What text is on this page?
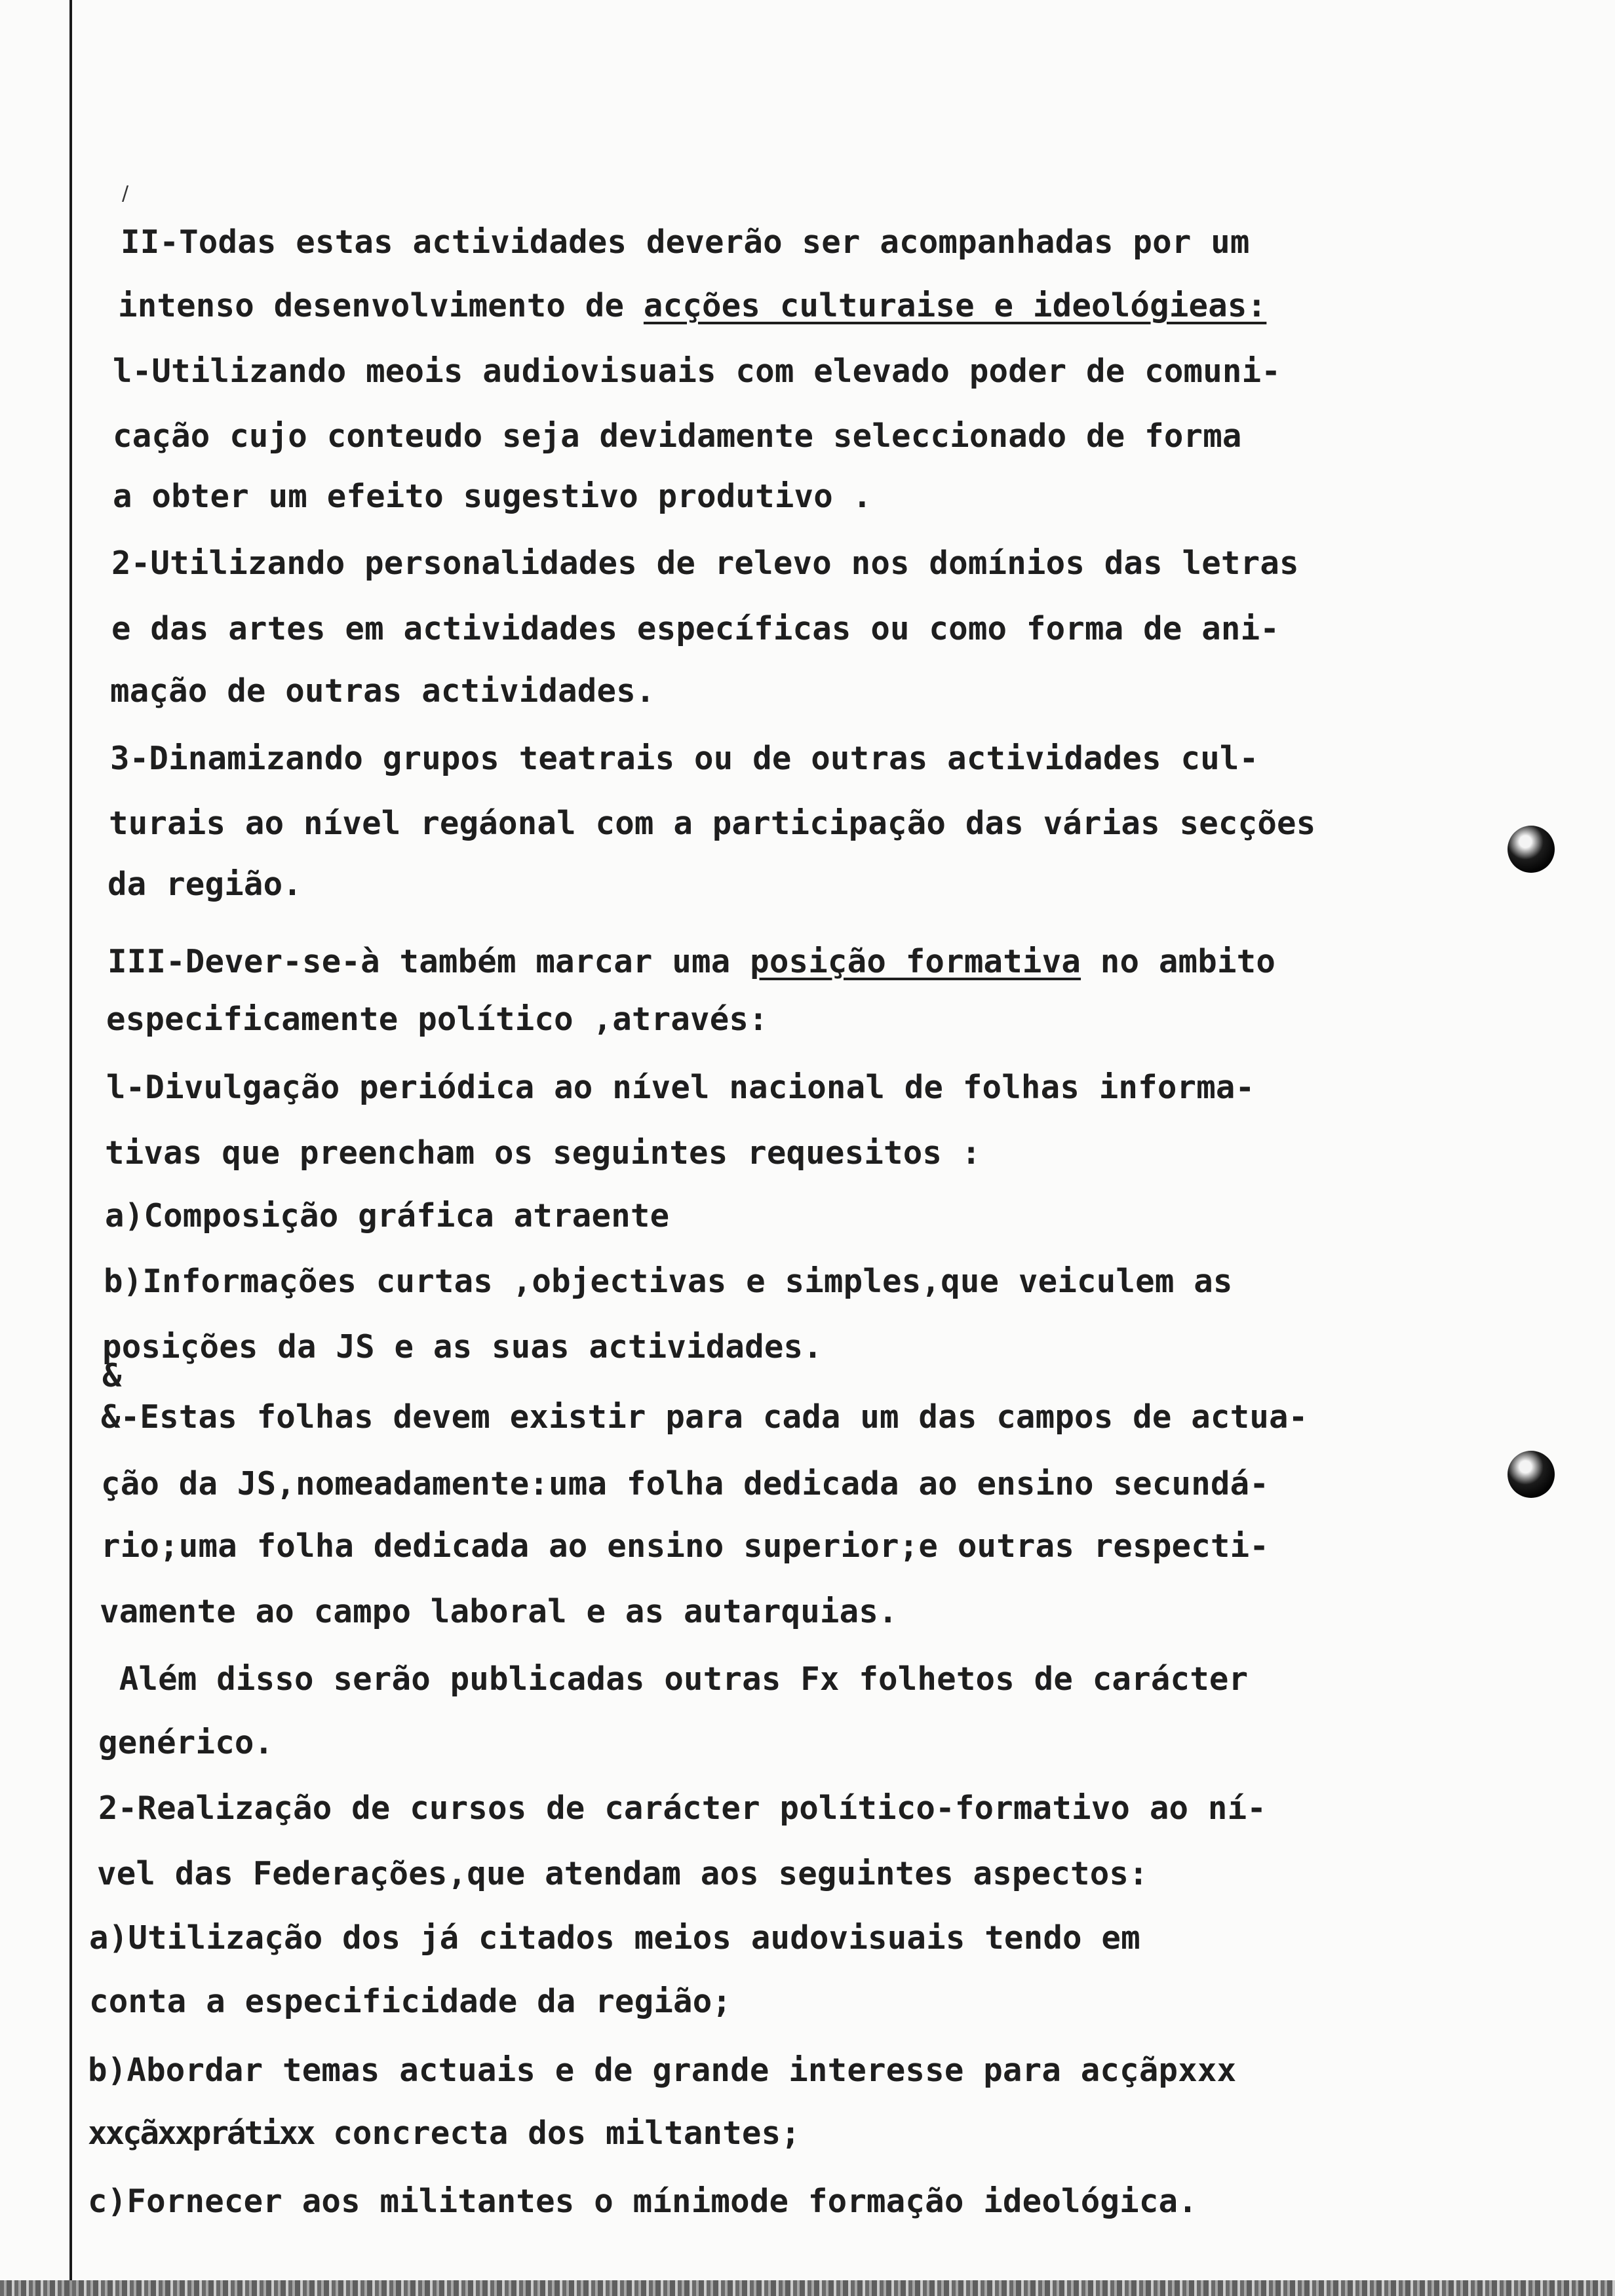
/
II-Todas estas actividades deverão ser acompanhadas por um
intenso desenvolvimento de acções culturaise e ideológieas:
l-Utilizando meois audiovisuais com elevado poder de comuni-
cação cujo conteudo seja devidamente seleccionado de forma
a obter um efeito sugestivo produtivo .
2-Utilizando personalidades de relevo nos domínios das letras
e das artes em actividades específicas ou como forma de ani-
mação de outras actividades.
3-Dinamizando grupos teatrais ou de outras actividades cul-
turais ao nível regáonal com a participação das várias secções
da região.
III-Dever-se-à também marcar uma posição formativa no ambito
especificamente político ,através:
l-Divulgação periódica ao nível nacional de folhas informa-
tivas que preencham os seguintes requesitos :
a)Composição gráfica atraente
b)Informações curtas ,objectivas e simples,que veiculem as
posições da JS e as suas actividades.
&
&-Estas folhas devem existir para cada um das campos de actua-
ção da JS,nomeadamente:uma folha dedicada ao ensino secundá-
rio;uma folha dedicada ao ensino superior;e outras respecti-
vamente ao campo laboral e as autarquias.
Além disso serão publicadas outras Fx folhetos de carácter
genérico.
2-Realização de cursos de carácter político-formativo ao ní-
vel das Federações,que atendam aos seguintes aspectos:
a)Utilização dos já citados meios audovisuais tendo em
conta a especificidade da região;
b)Abordar temas actuais e de grande interesse para acçãpxxx
xxçãxxprátixx concrecta dos miltantes;
c)Fornecer aos militantes o mínimode formação ideológica.
